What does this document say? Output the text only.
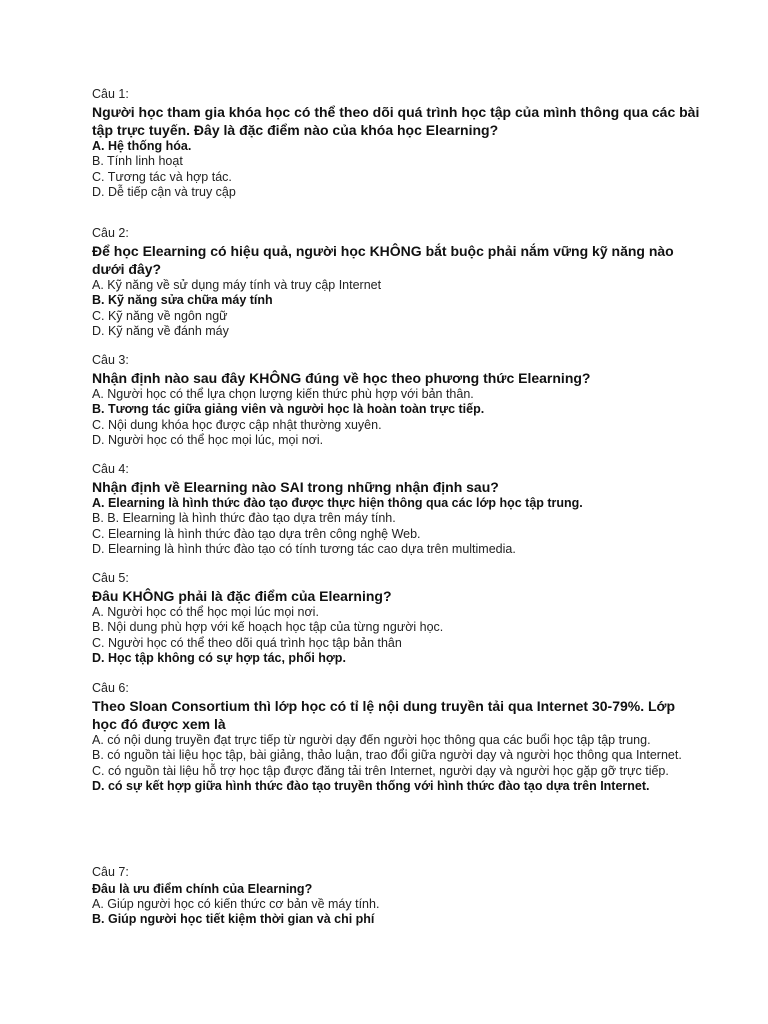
Câu 1:
Người học tham gia khóa học có thể theo dõi quá trình học tập của mình thông qua các bài tập trực tuyến. Đây là đặc điểm nào của khóa học Elearning?
A. Hệ thống hóa.
B. Tính linh hoạt
C. Tương tác và hợp tác.
D. Dễ tiếp cận và truy cập
Câu 2:
Để học Elearning có hiệu quả, người học KHÔNG bắt buộc phải nắm vững kỹ năng nào dưới đây?
A. Kỹ năng về sử dụng máy tính và truy cập Internet
B. Kỹ năng sửa chữa máy tính
C. Kỹ năng về ngôn ngữ
D. Kỹ năng về đánh máy
Câu 3:
Nhận định nào sau đây KHÔNG đúng về học theo phương thức Elearning?
A. Người học có thể lựa chọn lượng kiến thức phù hợp với bản thân.
B. Tương tác giữa giảng viên và người học là hoàn toàn trực tiếp.
C. Nội dung khóa học được cập nhật thường xuyên.
D. Người học có thể học mọi lúc, mọi nơi.
Câu 4:
Nhận định về Elearning nào SAI trong những nhận định sau?
A. Elearning là hình thức đào tạo được thực hiện thông qua các lớp học tập trung.
B. B. Elearning là hình thức đào tạo dựa trên máy tính.
C. Elearning là hình thức đào tạo dựa trên công nghệ Web.
D. Elearning là hình thức đào tạo có tính tương tác cao dựa trên multimedia.
Câu 5:
Đâu KHÔNG phải là đặc điểm của Elearning?
A. Người học có thể học mọi lúc mọi nơi.
B. Nội dung phù hợp với kế hoạch học tập của từng người học.
C. Người học có thể theo dõi quá trình học tập bản thân
D. Học tập không có sự hợp tác, phối hợp.
Câu 6:
Theo Sloan Consortium thì lớp học có tỉ lệ nội dung truyền tải qua Internet 30-79%. Lớp học đó được xem là
A. có nội dung truyền đạt trực tiếp từ người dạy đến người học thông qua các buổi học tập tập trung.
B. có nguồn tài liệu học tập, bài giảng, thảo luận, trao đổi giữa người dạy và người học thông qua Internet.
C. có nguồn tài liệu hỗ trợ học tập được đăng tải trên Internet, người dạy và người học gặp gỡ trực tiếp.
D. có sự kết hợp giữa hình thức đào tạo truyền thống với hình thức đào tạo dựa trên Internet.
Câu 7:
Đâu là ưu điểm chính của Elearning?
A. Giúp người học có kiến thức cơ bản về máy tính.
B. Giúp người học tiết kiệm thời gian và chi phí
